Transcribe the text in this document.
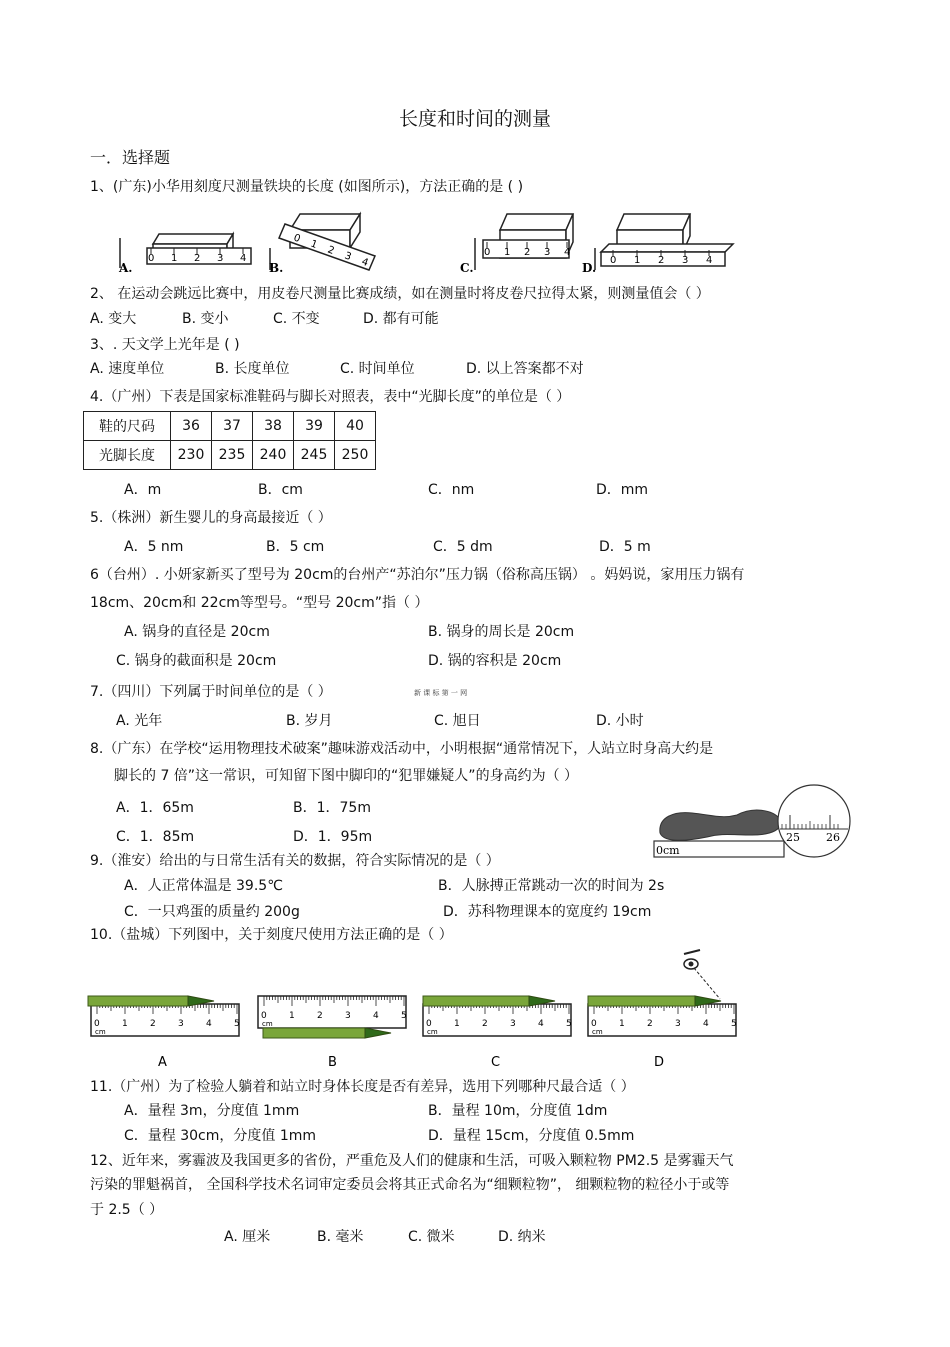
长度和时间的测量
一．选择题
1、(广东)小华用刻度尺测量铁块的长度 (如图所示)，方法正确的是 ( )
0 1 2 3 4
0 1 2 3 4
0 1 2 3 4
0 1 2 3 4
A.	B.	C.	D.
2、 在运动会跳远比赛中，用皮卷尺测量比赛成绩，如在测量时将皮卷尺拉得太紧，则测量值会（ ）
A. 变大	B. 变小	C. 不变	D. 都有可能
3、. 天文学上光年是 ( )
A. 速度单位	B. 长度单位	C. 时间单位	D. 以上答案都不对
4.（广州）下表是国家标准鞋码与脚长对照表，表中“光脚长度”的单位是（ ）
鞋的尺码	36	37	38	39	40
光脚长度	230	235	240	245	250
A．m	B．cm	C．nm	D．mm
5.（株洲）新生婴儿的身高最接近（ ）
A．5 nm	B．5 cm	C．5 dm	D．5 m
6（台州）. 小妍家新买了型号为 20cm的台州产“苏泊尔”压力锅（俗称高压锅） 。妈妈说，家用压力锅有
18cm、20cm和 22cm等型号。“型号 20cm”指（ ）
A. 锅身的直径是 20cm	B. 锅身的周长是 20cm
C. 锅身的截面积是 20cm	D. 锅的容积是 20cm
7.（四川）下列属于时间单位的是（ ）	新 课 标 第 一 网
A. 光年	B. 岁月	C. 旭日	D. 小时
8.（广东）在学校“运用物理技术破案”趣味游戏活动中，小明根据“通常情况下，人站立时身高大约是
脚长的 7 倍”这一常识，可知留下图中脚印的“犯罪嫌疑人”的身高约为（ ）
A．1．65m	B．1．75m
C．1．85m	D．1．95m
0cm
25 26
9.（淮安）给出的与日常生活有关的数据，符合实际情况的是（ ）
A．人正常体温是 39.5℃	B．人脉搏正常跳动一次的时间为 2s
C．一只鸡蛋的质量约 200g	D．苏科物理课本的宽度约 19cm
10.（盐城）下列图中，关于刻度尺使用方法正确的是（ ）
0 1 2 3 4 5
cm
0 1 2 3 4 5
cm	0 1 2 3 4 5
cm
0 1 2 3 4 5
cm
A	B	C	D
11.（广州）为了检验人躺着和站立时身体长度是否有差异，选用下列哪种尺最合适（ ）
A．量程 3m，分度值 1mm	B．量程 10m，分度值 1dm
C．量程 30cm，分度值 1mm	D．量程 15cm，分度值 0.5mm
12、近年来，雾霾波及我国更多的省份，严重危及人们的健康和生活，可吸入颗粒物 PM2.5 是雾霾天气
污染的罪魁祸首， 全国科学技术名词审定委员会将其正式命名为“细颗粒物”， 细颗粒物的粒径小于或等
于 2.5（ ）
A. 厘米	B. 毫米	C. 微米	D. 纳米
